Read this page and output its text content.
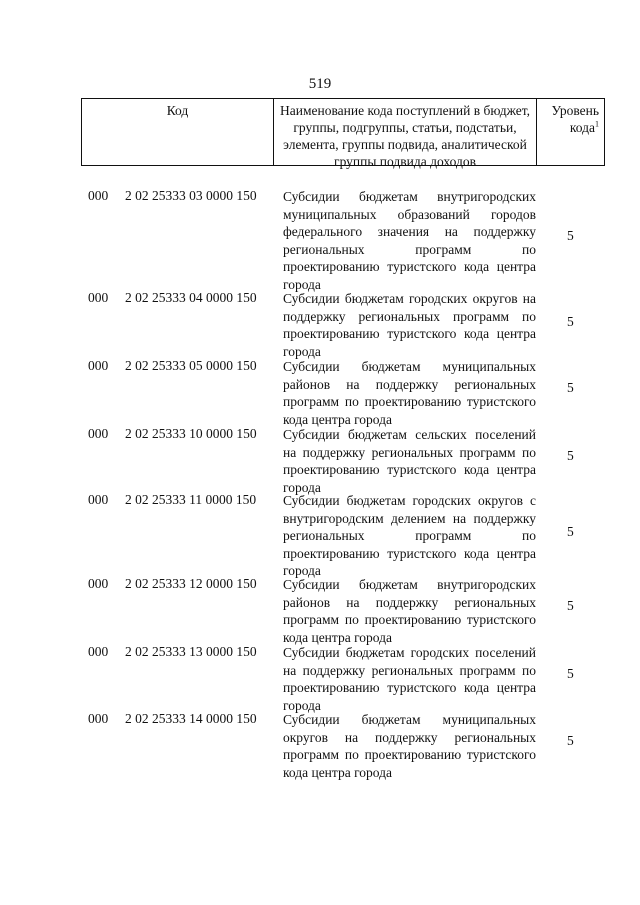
519
Код	Наименование кода поступлений в бюджет, группы, подгруппы, статьи, подстатьи, элемента, группы подвида, аналитической группы подвида доходов
Уровень кода$^1$
000 2 02 25333 03 0000 150 Субсидии бюджетам внутригородских муниципальных образований городов федерального значения на поддержку региональных программ по проектированию туристского кода центра города
5
000 2 02 25333 04 0000 150 Субсидии бюджетам городских округов на поддержку региональных программ по проектированию туристского кода центра города
5
000 2 02 25333 05 0000 150 Субсидии бюджетам муниципальных районов на поддержку региональных программ по проектированию туристского кода центра города
5
000 2 02 25333 10 0000 150 Субсидии бюджетам сельских поселений на поддержку региональных программ по проектированию туристского кода центра города
5
000 2 02 25333 11 0000 150 Субсидии бюджетам городских округов с внутригородским делением на поддержку региональных программ по проектированию туристского кода центра города
5
000 2 02 25333 12 0000 150 Субсидии бюджетам внутригородских районов на поддержку региональных программ по проектированию туристского кода центра города
5
000 2 02 25333 13 0000 150 Субсидии бюджетам городских поселений на поддержку региональных программ по проектированию туристского кода центра города
5
000 2 02 25333 14 0000 150 Субсидии бюджетам муниципальных округов на поддержку региональных программ по проектированию туристского кода центра города
5
